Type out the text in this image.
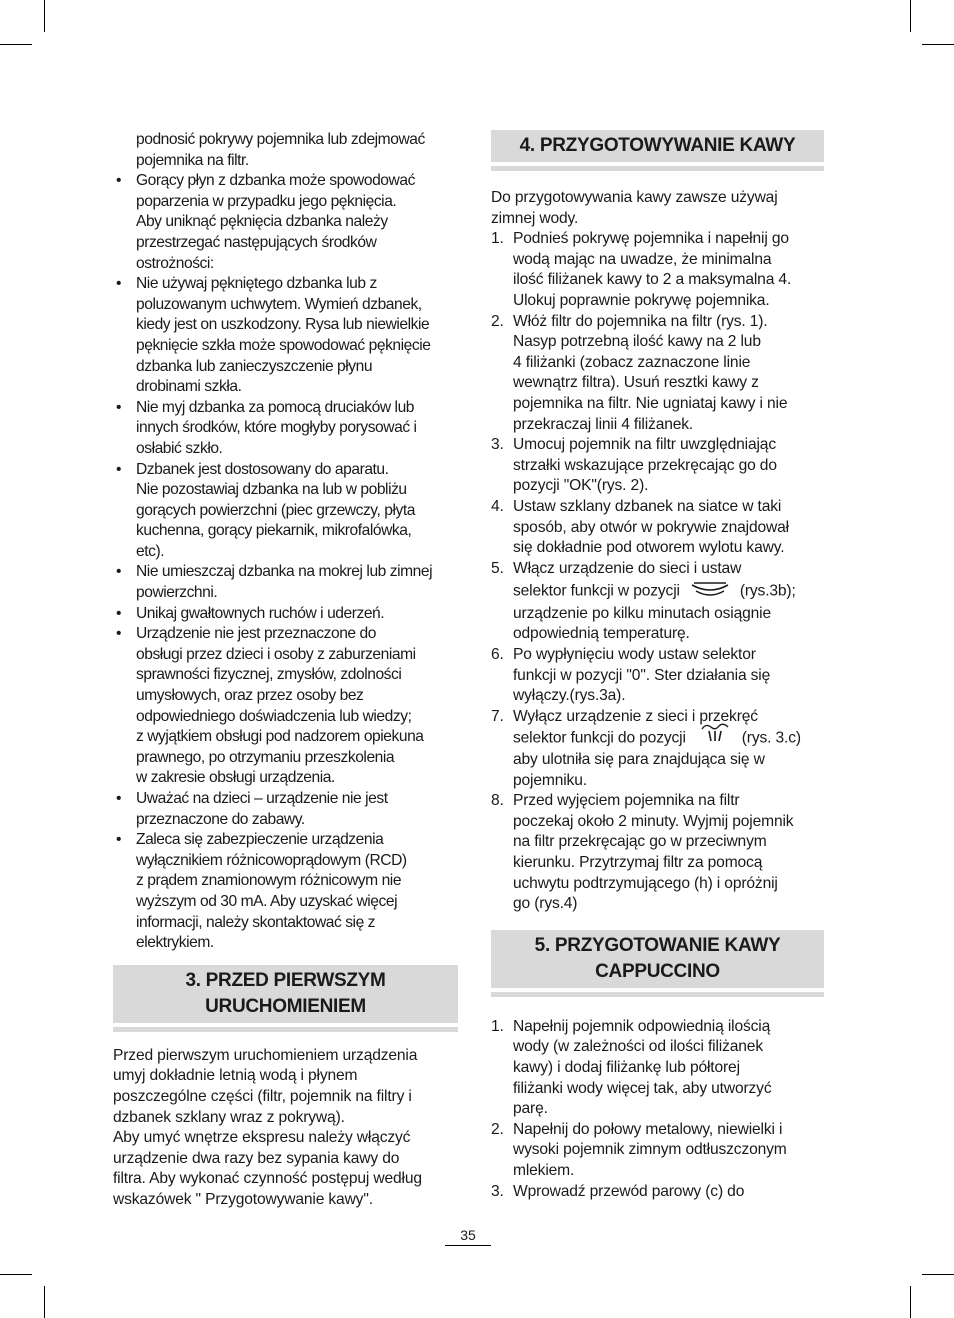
podnosić pokrywy pojemnika lub zdejmować
pojemnika na filtr.
• Gorący płyn z dzbanka może spowodować
poparzenia w przypadku jego pęknięcia.
Aby uniknąć pęknięcia dzbanka należy
przestrzegać następujących środków
ostrożności:
• Nie używaj pękniętego dzbanka lub z
poluzowanym uchwytem. Wymień dzbanek,
kiedy jest on uszkodzony. Rysa lub niewielkie
pęknięcie szkła może spowodować pęknięcie
dzbanka lub zanieczyszczenie płynu
drobinami szkła.
• Nie myj dzbanka za pomocą druciaków lub
innych środków, które mogłyby porysować i
osłabić szkło.
• Dzbanek jest dostosowany do aparatu.
Nie pozostawiaj dzbanka na lub w pobliżu
gorących powierzchni (piec grzewczy, płyta
kuchenna, gorący piekarnik, mikrofalówka,
etc).
• Nie umieszczaj dzbanka na mokrej lub zimnej
powierzchni.
• Unikaj gwałtownych ruchów i uderzeń.
• Urządzenie nie jest przeznaczone do
obsługi przez dzieci i osoby z zaburzeniami
sprawności fizycznej, zmysłów, zdolności
umysłowych, oraz przez osoby bez
odpowiedniego doświadczenia lub wiedzy;
z wyjątkiem obsługi pod nadzorem opiekuna
prawnego, po otrzymaniu przeszkolenia
w zakresie obsługi urządzenia.
• Uważać na dzieci – urządzenie nie jest
przeznaczone do zabawy.
• Zaleca się zabezpieczenie urządzenia
wyłącznikiem różnicowoprądowym (RCD)
z prądem znamionowym różnicowym nie
wyższym od 30 mA. Aby uzyskać więcej
informacji, należy skontaktować się z
elektrykiem.
3. PRZED PIERWSZYM
URUCHOMIENIEM
Przed pierwszym uruchomieniem urządzenia
umyj dokładnie letnią wodą i płynem
poszczególne części (filtr, pojemnik na filtry i
dzbanek szklany wraz z pokrywą).
Aby umyć wnętrze ekspresu należy włączyć
urządzenie dwa razy bez sypania kawy do
filtra. Aby wykonać czynność postępuj według
wskazówek " Przygotowywanie kawy".
4. PRZYGOTOWYWANIE KAWY
Do przygotowywania kawy zawsze używaj
zimnej wody.
1. Podnieś pokrywę pojemnika i napełnij go
wodą mając na uwadze, że minimalna
ilość filiżanek kawy to 2 a maksymalna 4.
Ulokuj poprawnie pokrywę pojemnika.
2. Włóż filtr do pojemnika na filtr (rys. 1).
Nasyp potrzebną ilość kawy na 2 lub
4 filiżanki (zobacz zaznaczone linie
wewnątrz filtra). Usuń resztki kawy z
pojemnika na filtr. Nie ugniataj kawy i nie
przekraczaj linii 4 filiżanek.
3. Umocuj pojemnik na filtr uwzględniając
strzałki wskazujące przekręcając go do
pozycji "OK"(rys. 2).
4. Ustaw szklany dzbanek na siatce w taki
sposób, aby otwór w pokrywie znajdował
się dokładnie pod otworem wylotu kawy.
5. Włącz urządzenie do sieci i ustaw
selektor funkcji w pozycji	(rys.3b);
urządzenie po kilku minutach osiągnie
odpowiednią temperaturę.
6. Po wypłynięciu wody ustaw selektor
funkcji w pozycji "0". Ster działania się
wyłączy.(rys.3a).
7. Wyłącz urządzenie z sieci i przekręć
selektor funkcji do pozycji	(rys. 3.c)
aby ulotniła się para znajdująca się w
pojemniku.
8. Przed wyjęciem pojemnika na filtr
poczekaj około 2 minuty. Wyjmij pojemnik
na filtr przekręcając go w przeciwnym
kierunku. Przytrzymaj filtr za pomocą
uchwytu podtrzymującego (h) i opróżnij
go (rys.4)
5. PRZYGOTOWANIE KAWY
CAPPUCCINO
1. Napełnij pojemnik odpowiednią ilością
wody (w zależności od ilości filiżanek
kawy) i dodaj filiżankę lub półtorej
filiżanki wody więcej tak, aby utworzyć
parę.
2. Napełnij do połowy metalowy, niewielki i
wysoki pojemnik zimnym odtłuszczonym
mlekiem.
3. Wprowadź przewód parowy (c) do
35
